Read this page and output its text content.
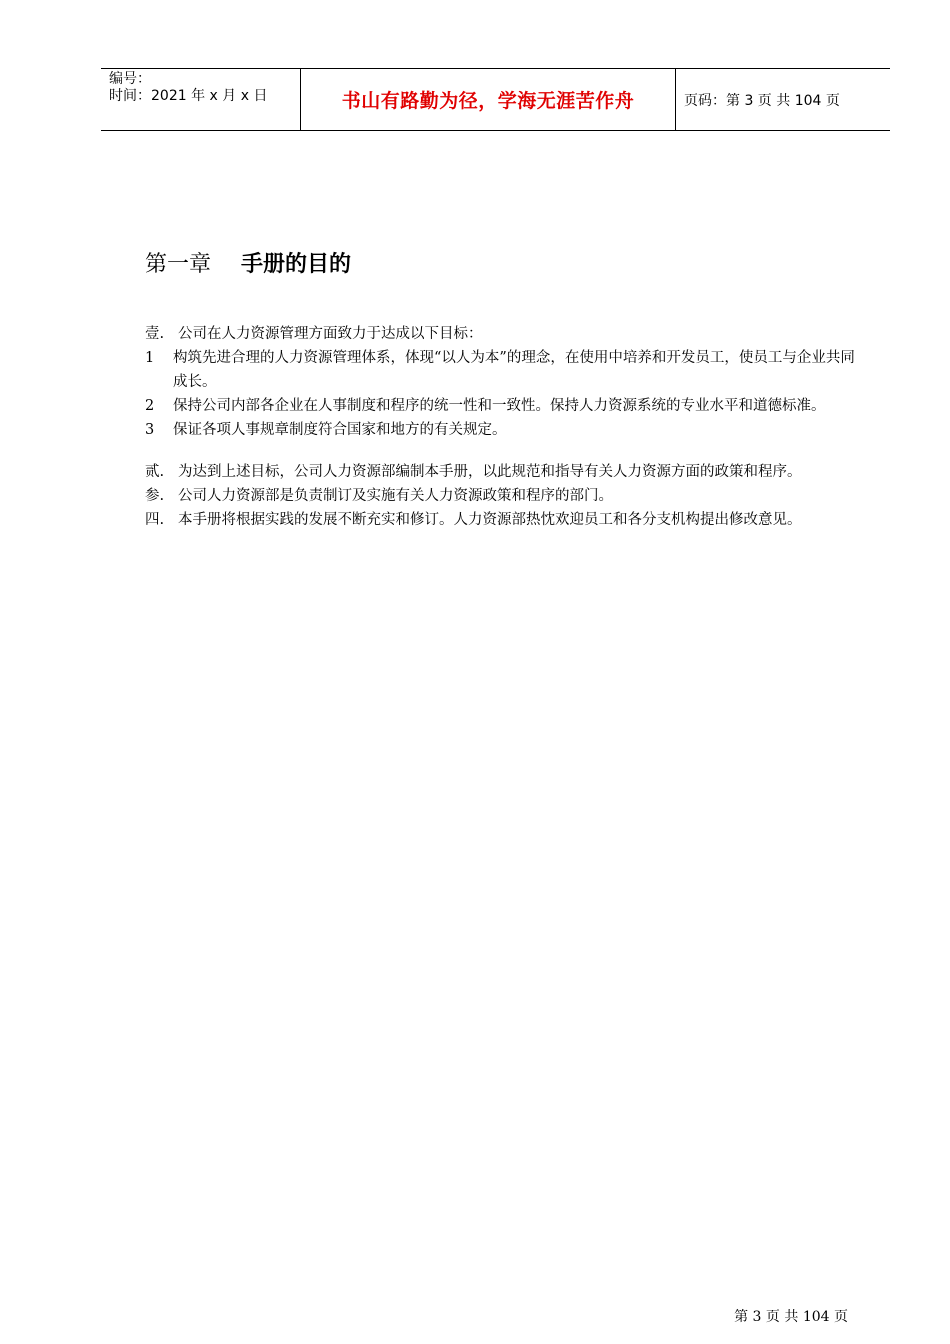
编号：
时间：2021 年 x 月 x 日	书山有路勤为径，学海无涯苦作舟	页码：第 3 页 共 104 页
第一章 手册的目的
壹. 公司在人力资源管理方面致力于达成以下目标：
1 构筑先进合理的人力资源管理体系，体现“以人为本”的理念，在使用中培养和开发员工，使员工与企业共同成长。
2 保持公司内部各企业在人事制度和程序的统一性和一致性。保持人力资源系统的专业水平和道德标准。
3 保证各项人事规章制度符合国家和地方的有关规定。
贰. 为达到上述目标，公司人力资源部编制本手册，以此规范和指导有关人力资源方面的政策和程序。
参. 公司人力资源部是负责制订及实施有关人力资源政策和程序的部门。
四. 本手册将根据实践的发展不断充实和修订。人力资源部热忱欢迎员工和各分支机构提出修改意见。
第 3 页 共 104 页
